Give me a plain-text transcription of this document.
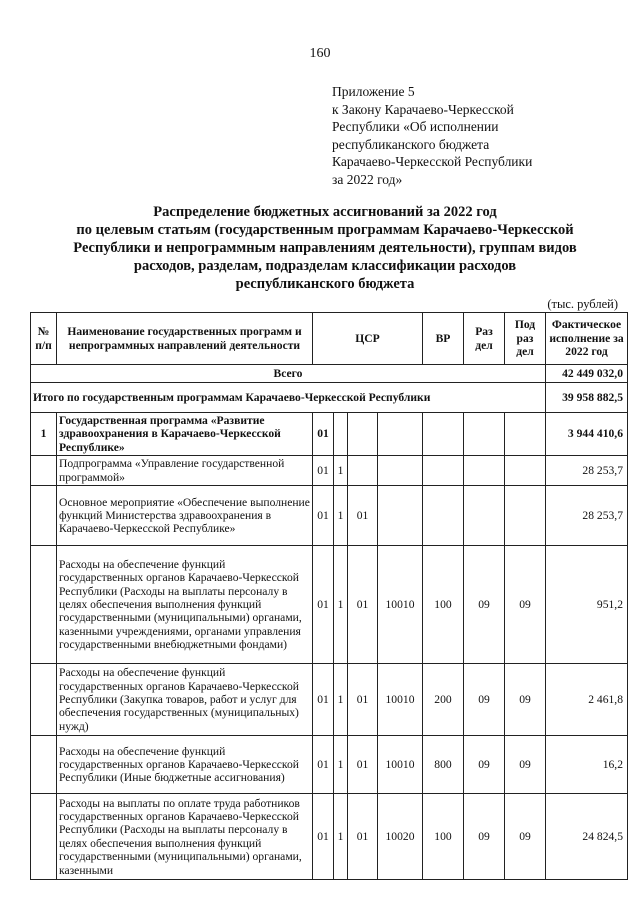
160
Приложение 5
к Закону Карачаево-Черкесской
Республики «Об исполнении
республиканского бюджета
Карачаево-Черкесской Республики
за 2022 год»
Распределение бюджетных ассигнований за 2022 год
по целевым статьям (государственным программам Карачаево-Черкесской
Республики и непрограммным направлениям деятельности), группам видов
расходов, разделам, подразделам классификации расходов
республиканского бюджета
(тыс. рублей)
№ п/п	Наименование государственных программ и непрограммных направлений деятельности	ЦСР				ВР	Раз дел	Под раз дел	Фактическое исполнение за 2022 год
Всего									42 449 032,0
Итого по государственным программам Карачаево-Черкесской Республики									39 958 882,5
1	Государственная программа «Развитие здравоохранения в Карачаево-Черкесской Республике»	01							3 944 410,6
	Подпрограмма «Управление государственной программой»	01	1						28 253,7
	Основное мероприятие «Обеспечение выполнение функций Министерства здравоохранения в Карачаево-Черкесской Республике»	01	1	01					28 253,7
	Расходы на обеспечение функций государственных органов Карачаево-Черкесской Республики (Расходы на выплаты персоналу в целях обеспечения выполнения функций государственными (муниципальными) органами, казенными учреждениями, органами управления государственными внебюджетными фондами)	01	1	01	10010	100	09	09	951,2
	Расходы на обеспечение функций государственных органов Карачаево-Черкесской Республики (Закупка товаров, работ и услуг для обеспечения государственных (муниципальных) нужд)	01	1	01	10010	200	09	09	2 461,8
	Расходы на обеспечение функций государственных органов Карачаево-Черкесской Республики (Иные бюджетные ассигнования)	01	1	01	10010	800	09	09	16,2
	Расходы на выплаты по оплате труда работников государственных органов Карачаево-Черкесской Республики (Расходы на выплаты персоналу в целях обеспечения выполнения функций государственными (муниципальными) органами, казенными	01	1	01	10020	100	09	09	24 824,5
